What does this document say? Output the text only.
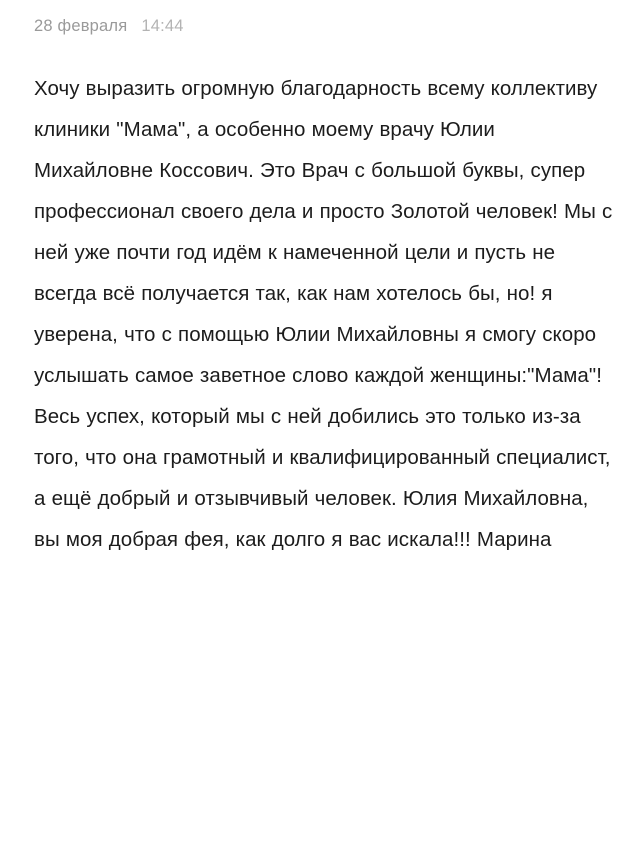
28 февраля 14:44
Хочу выразить огромную благодарность всему коллективу клиники "Мама", а особенно моему врачу Юлии Михайловне Коссович. Это Врач с большой буквы, супер профессионал своего дела и просто Золотой человек! Мы с ней уже почти год идём к намеченной цели и пусть не всегда всё получается так, как нам хотелось бы, но! я уверена, что с помощью Юлии Михайловны я смогу скоро услышать самое заветное слово каждой женщины:"Мама"! Весь успех, который мы с ней добились это только из-за того, что она грамотный и квалифицированный специалист, а ещё добрый и отзывчивый человек. Юлия Михайловна, вы моя добрая фея, как долго я вас искала!!! Марина
